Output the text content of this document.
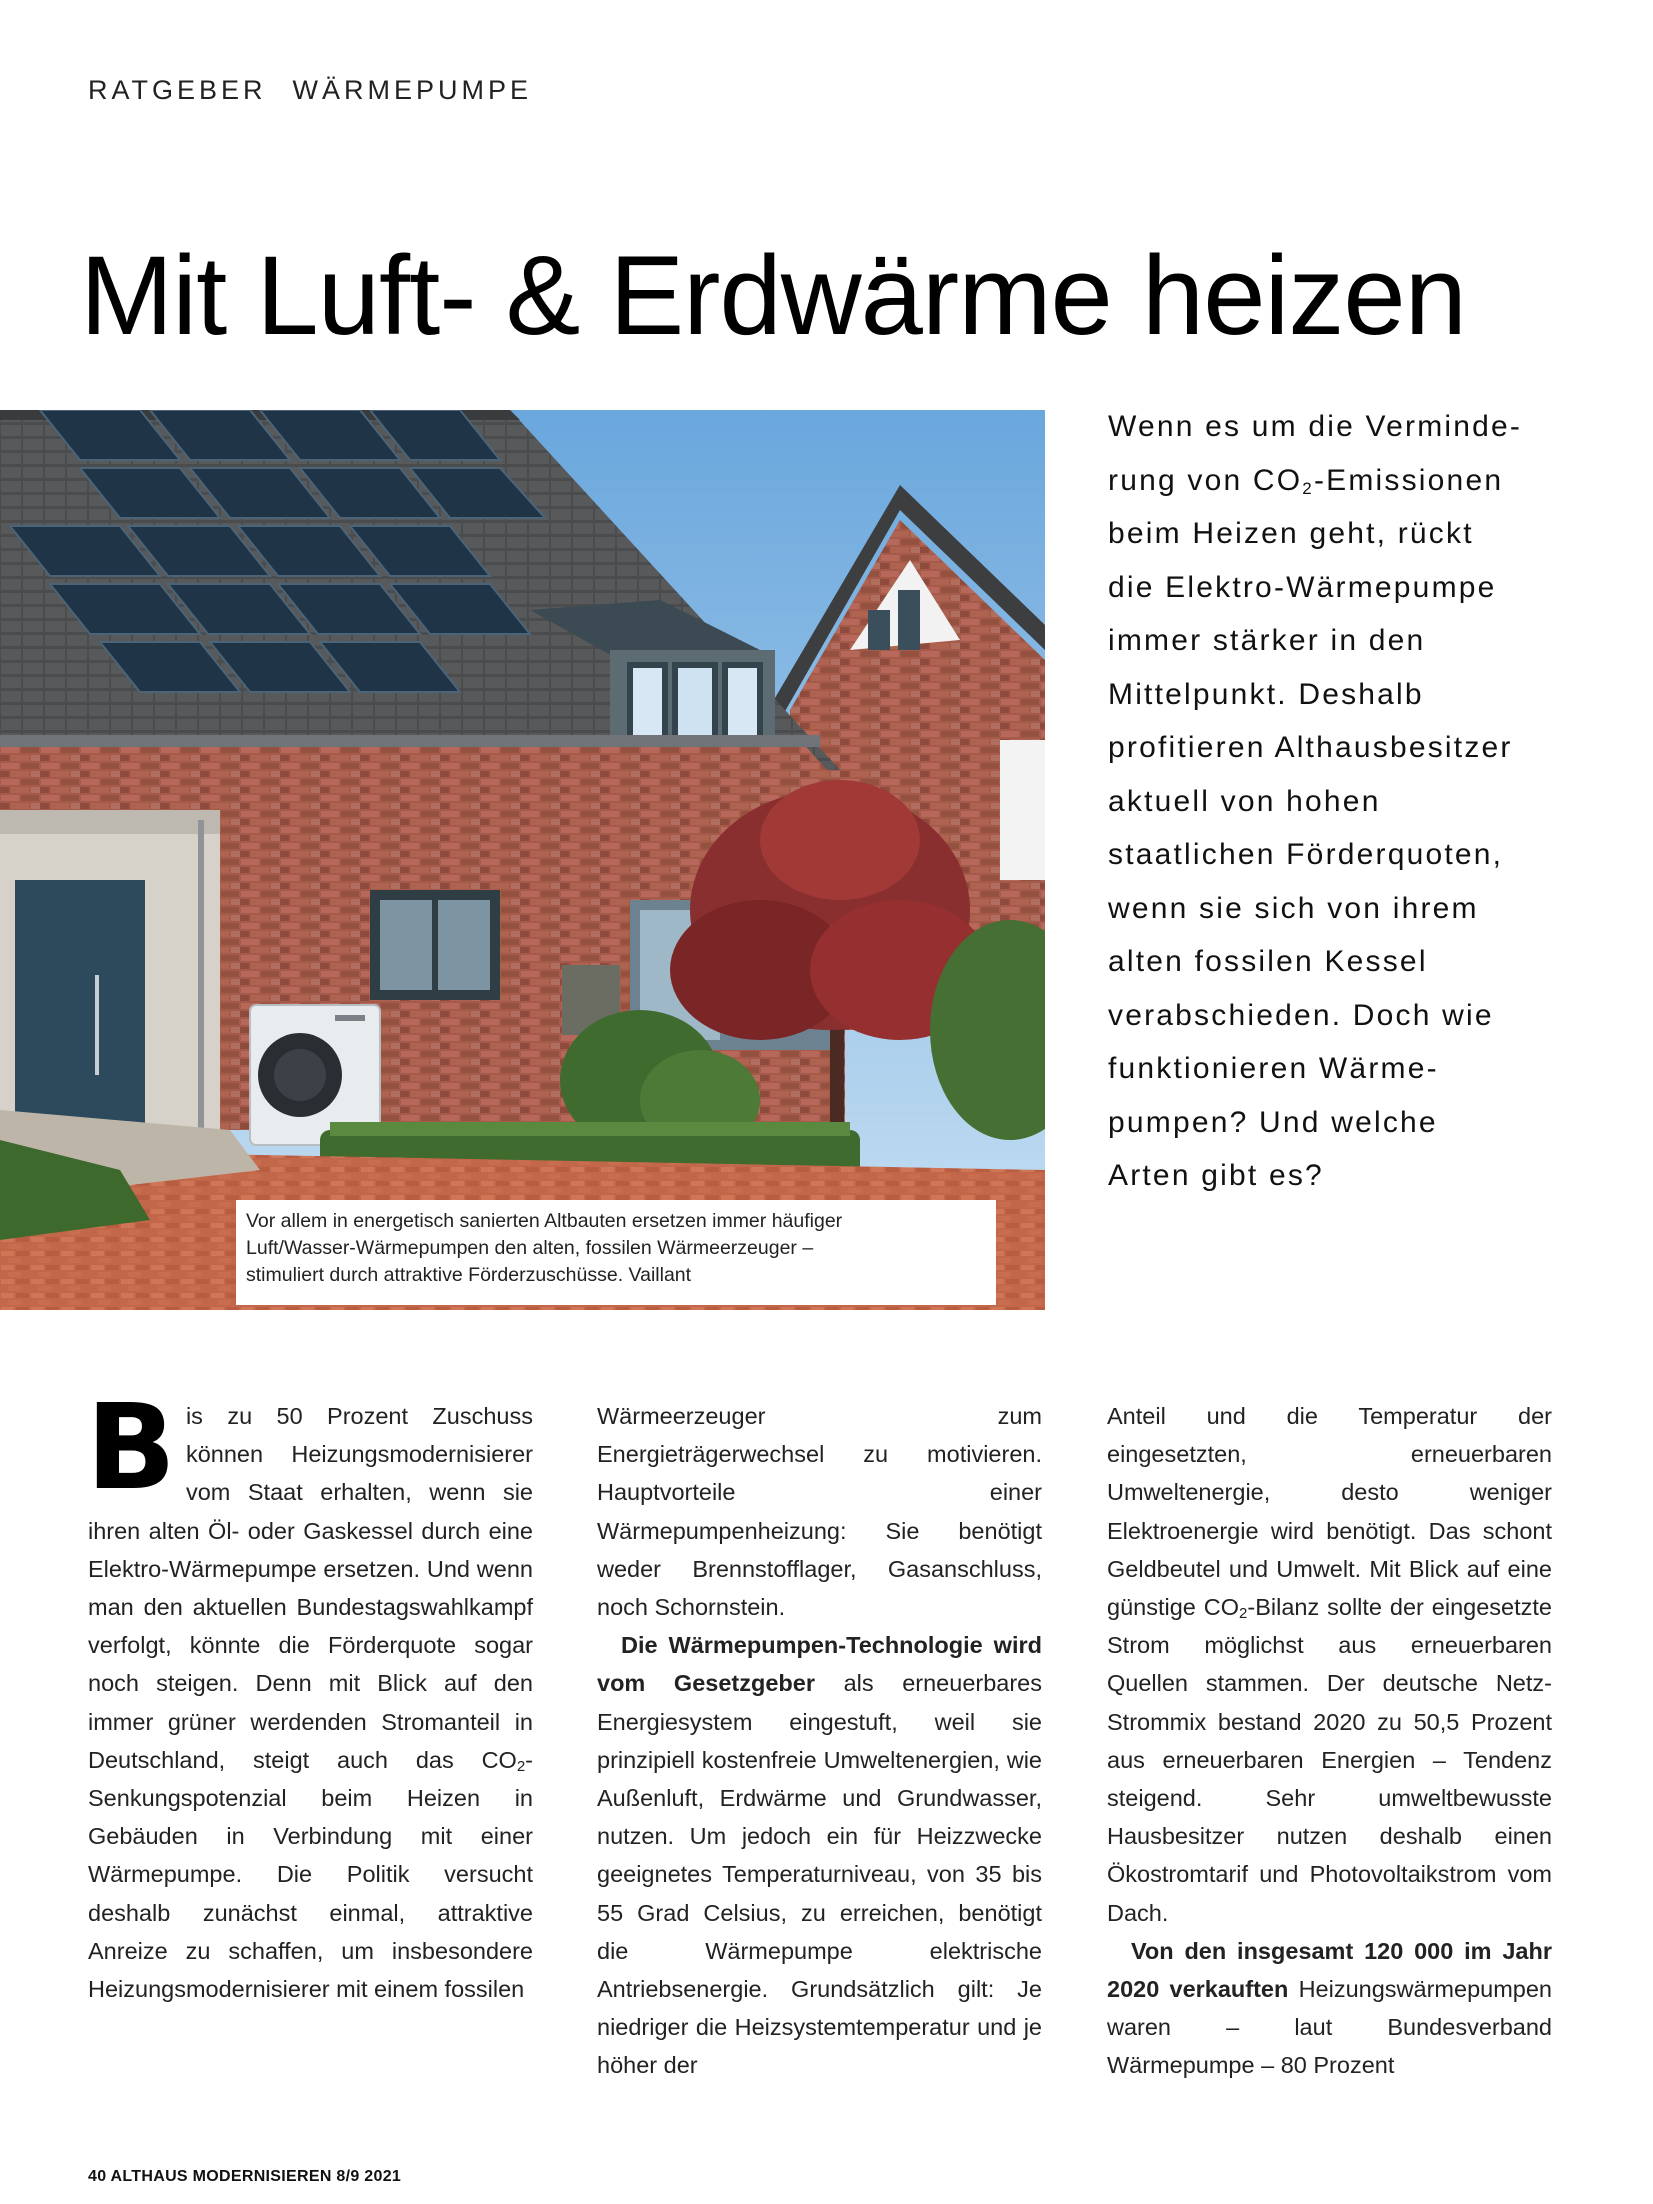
RATGEBER WÄRMEPUMPE
Mit Luft- & Erdwärme heizen
Vor allem in energetisch sanierten Altbauten ersetzen immer häufiger
Luft/Wasser-Wärmepumpen den alten, fossilen Wärmeerzeuger –
stimuliert durch attraktive Förderzuschüsse. Vaillant

Wenn es um die Verminde-

rung von $CO_2$-Emissionen

beim Heizen geht, rückt

die Elektro-Wärmepumpe

immer stärker in den

Mittelpunkt. Deshalb

profitieren Althausbesitzer

aktuell von hohen

staatlichen Förderquoten,

wenn sie sich von ihrem

alten fossilen Kessel

verabschieden. Doch wie

funktionieren Wärme-

pumpen? Und welche

Arten gibt es?

Bis zu 50 Prozent Zuschuss können Heizungsmodernisierer vom Staat erhalten, wenn sie ihren alten Öl- oder Gaskessel durch eine Elektro-Wärmepumpe ersetzen. Und wenn man den aktuellen Bundestagswahlkampf verfolgt, könnte die Förderquote sogar noch steigen. Denn mit Blick auf den immer grüner werdenden Stromanteil in Deutschland, steigt auch das $CO_2$-Senkungspotenzial beim Heizen in Gebäuden in Verbindung mit einer Wärmepumpe. Die Politik versucht deshalb zunächst einmal, attraktive Anreize zu schaffen, um insbesondere Heizungsmodernisierer mit einem fossilen

Wärmeerzeuger zum Energieträgerwechsel zu motivieren. Hauptvorteile einer Wärmepumpenheizung: Sie benötigt weder Brennstofflager, Gasanschluss, noch Schornstein.

Die Wärmepumpen-Technologie wird vom Gesetzgeber als erneuerbares Energiesystem eingestuft, weil sie prinzipiell kostenfreie Umweltenergien, wie Außenluft, Erdwärme und Grundwasser, nutzen. Um jedoch ein für Heizzwecke geeignetes Temperaturniveau, von 35 bis 55 Grad Celsius, zu erreichen, benötigt die Wärmepumpe elektrische Antriebsenergie. Grundsätzlich gilt: Je niedriger die Heizsystemtemperatur und je höher der

Anteil und die Temperatur der eingesetzten, erneuerbaren Umweltenergie, desto weniger Elektroenergie wird benötigt. Das schont Geldbeutel und Umwelt. Mit Blick auf eine günstige $CO_2$-Bilanz sollte der eingesetzte Strom möglichst aus erneuerbaren Quellen stammen. Der deutsche Netz-Strommix bestand 2020 zu 50,5 Prozent aus erneuerbaren Energien – Tendenz steigend. Sehr umweltbewusste Hausbesitzer nutzen deshalb einen Ökostromtarif und Photovoltaikstrom vom Dach.

Von den insgesamt 120 000 im Jahr 2020 verkauften Heizungswärmepumpen waren – laut Bundesverband Wärmepumpe – 80 Prozent

40 ALTHAUS MODERNISIEREN 8/9 2021
